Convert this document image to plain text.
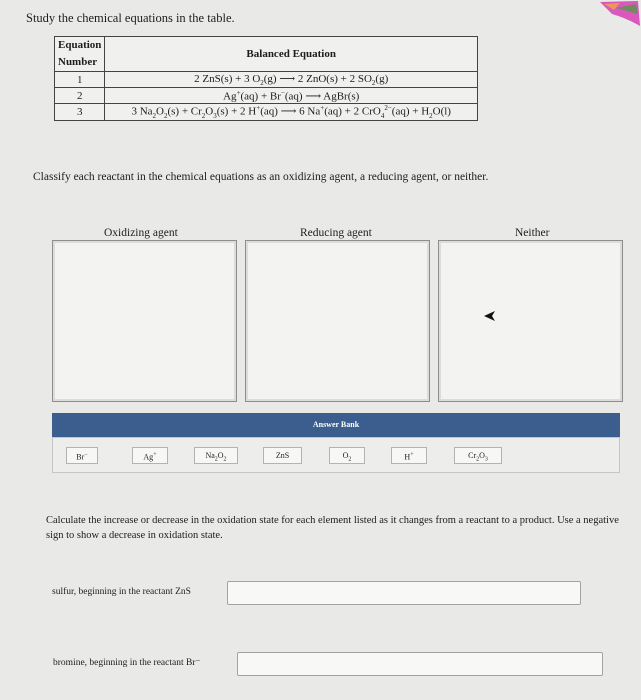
Study the chemical equations in the table.
Equation
Number	Balanced Equation
1	2 ZnS(s) + 3 $O_2(g)$ ⟶ 2 ZnO(s) + 2 $SO_2(g)$
2	Ag+(aq) + Br−(aq) ⟶ AgBr(s)
3	3 $Na_2O_2(s) + Cr_2O_3(s) + 2$ H+(aq) ⟶ 6 Na+(aq) + 2 $CrO_4^{2-}(aq) + H_2O(l)$
Classify each reactant in the chemical equations as an oxidizing agent, a reducing agent, or neither.
Oxidizing agent	Reducing agent	Neither
Answer Bank
Br−	Ag+	$Na_2O_2$	ZnS	$O_2$	H+	$Cr_2O_3$
Calculate the increase or decrease in the oxidation state for each element listed as it changes from a reactant to a product. Use a negative sign to show a decrease in oxidation state.
sulfur, beginning in the reactant ZnS
bromine, beginning in the reactant Br⁻
